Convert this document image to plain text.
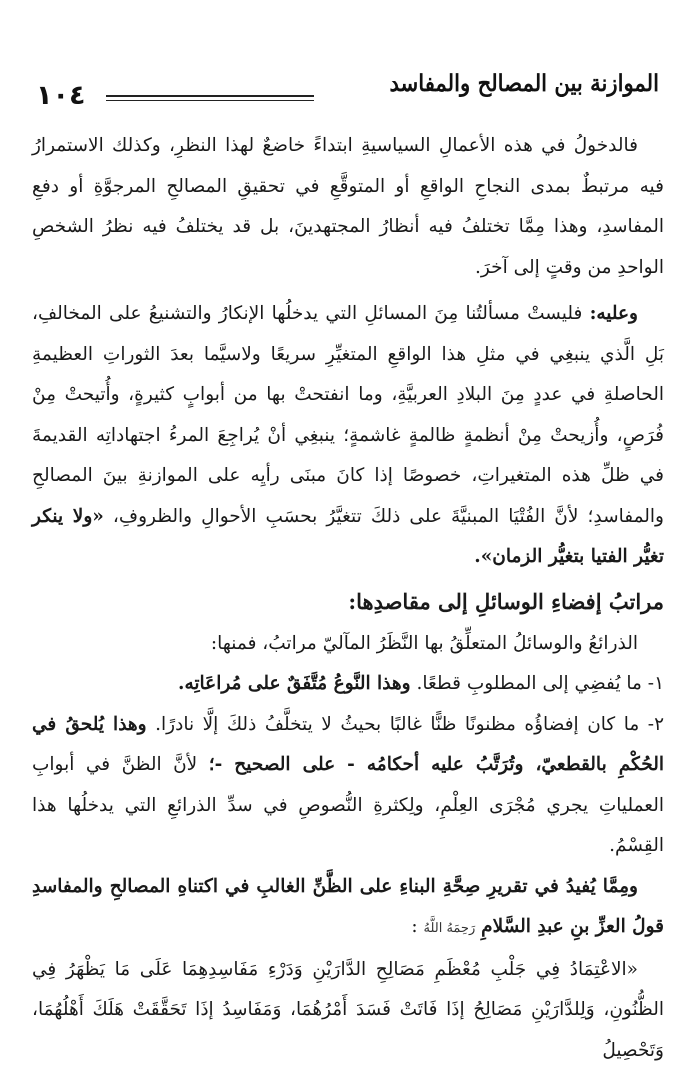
١٠٤	الموازنة بين المصالح والمفاسد

فالدخولُ في هذه الأعمالِ السياسيةِ ابتداءً خاضعٌ لهذا النظرِ، وكذلك الاستمرارُ فيه مرتبطٌ بمدى النجاحِ الواقعِ أو المتوقَّعِ في تحقيقِ المصالحِ المرجوَّةِ أو دفعِ المفاسدِ، وهذا مِمَّا تختلفُ فيه أنظارُ المجتهدينَ، بل قد يختلفُ فيه نظرُ الشخصِ الواحدِ من وقتٍ إلى آخرَ.

وعليه: فليستْ مسألتُنا مِنَ المسائلِ التي يدخلُها الإنكارُ والتشنيعُ على المخالفِ، بَلِ الَّذي ينبغِي في مثلِ هذا الواقعِ المتغيِّرِ سريعًا ولاسيَّما بعدَ الثوراتِ العظيمةِ الحاصلةِ في عددٍ مِنَ البلادِ العربيَّةِ، وما انفتحتْ بها من أبوابٍ كثيرةٍ، وأُتيحتْ مِنْ فُرَصٍ، وأُزيحتْ مِنْ أنظمةٍ ظالمةٍ غاشمةٍ؛ ينبغِي أنْ يُراجِعَ المرءُ اجتهاداتِه القديمةَ في ظلِّ هذه المتغيراتِ، خصوصًا إذا كانَ مبنَى رأيِه على الموازنةِ بينَ المصالحِ والمفاسدِ؛ لأنَّ الفُتْيَا المبنيَّةَ على ذلكَ تتغيَّرُ بحسَبِ الأحوالِ والظروفِ، «ولا ينكر تغيُّر الفتيا بتغيُّر الزمان».

مراتبُ إفضاءِ الوسائلِ إلى مقاصدِها:

الذرائعُ والوسائلُ المتعلِّقُ بها النَّظَرُ المآليّ مراتبُ، فمنها:

١- ما يُفضِي إلى المطلوبِ قطعًا. وهذا النَّوعُ مُتَّفَقٌ على مُراعَاتِه.

٢- ما كان إفضاؤُه مظنونًا ظنًّا غالبًا بحيثُ لا يتخلَّفُ ذلكَ إلَّا نادرًا. وهذا يُلحقُ في الحُكْمِ بالقطعيّ، وتُرَتَّبُ عليه أحكامُه - على الصحيح -؛ لأنَّ الظنَّ في أبوابِ العملياتِ يجري مُجْرَى العِلْمِ، ولِكثرةِ النُّصوصِ في سدِّ الذرائعِ التي يدخلُها هذا القِسْمُ.

ومِمَّا يُفيدُ في تقريرِ صِحَّةِ البناءِ على الظَّنِّ الغالبِ في اكتناهِ المصالحِ والمفاسدِ قولُ العزِّ بنِ عبدِ السَّلامِ رَحِمَهُ اللَّهُ :

«الاعْتِمَادُ فِي جَلْبِ مُعْظَمِ مَصَالِحِ الدَّارَيْنِ وَدَرْءِ مَفَاسِدِهِمَا عَلَى مَا يَظْهَرُ فِي الظُّنُونِ، وَلِلدَّارَيْنِ مَصَالِحُ إذَا فَاتَتْ فَسَدَ أَمْرُهُمَا، وَمَفَاسِدُ إذَا تَحَقَّقَتْ هَلَكَ أَهْلُهُمَا، وَتَحْصِيلُ
